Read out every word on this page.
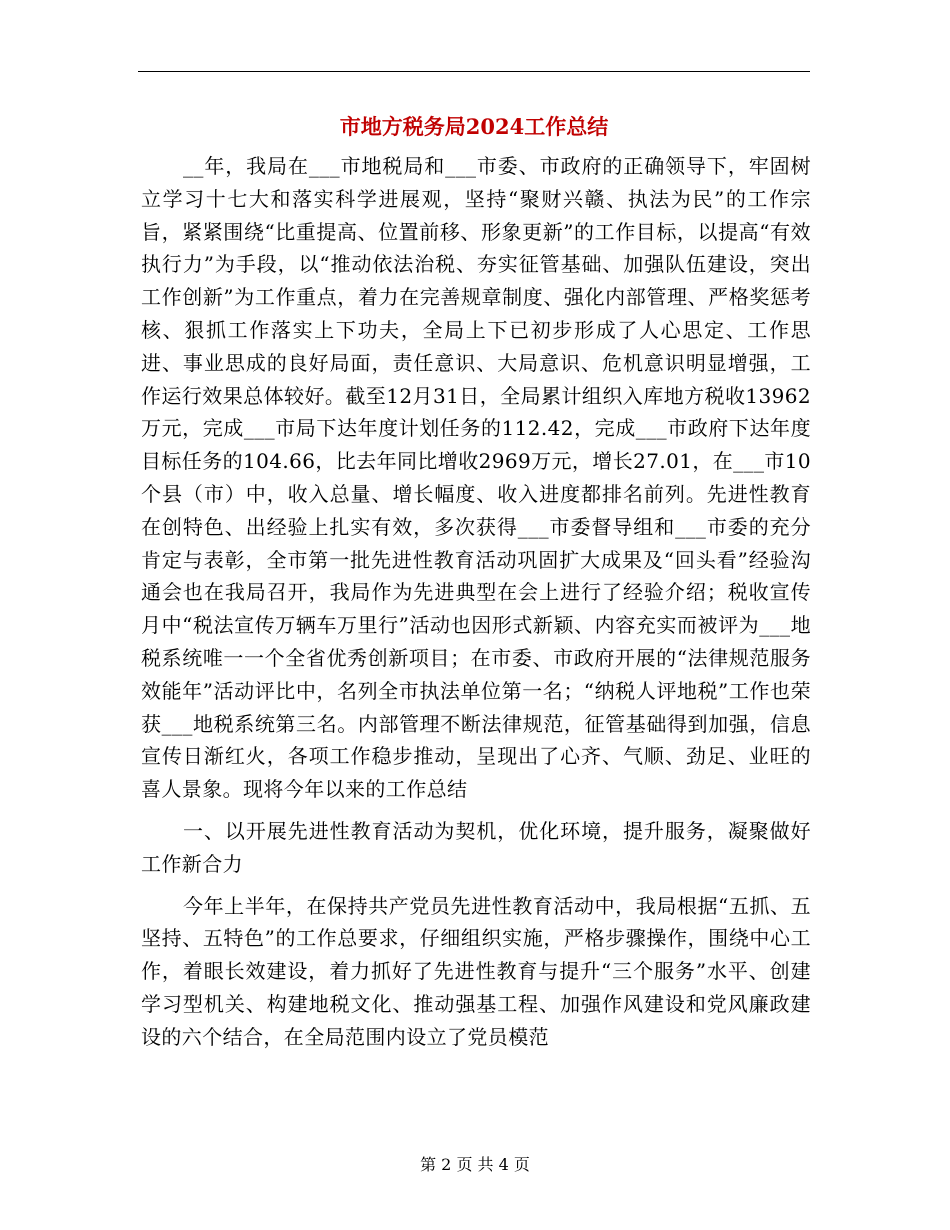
市地方税务局2024工作总结

__年，我局在___市地税局和___市委、市政府的正确领导下，牢固树立学习十七大和落实科学进展观，坚持“聚财兴赣、执法为民”的工作宗旨，紧紧围绕“比重提高、位置前移、形象更新”的工作目标，以提高“有效执行力”为手段，以“推动依法治税、夯实征管基础、加强队伍建设，突出工作创新”为工作重点，着力在完善规章制度、强化内部管理、严格奖惩考核、狠抓工作落实上下功夫，全局上下已初步形成了人心思定、工作思进、事业思成的良好局面，责任意识、大局意识、危机意识明显增强，工作运行效果总体较好。截至12月31日，全局累计组织入库地方税收13962万元，完成___市局下达年度计划任务的112.42，完成___市政府下达年度目标任务的104.66，比去年同比增收2969万元，增长27.01，在___市10个县（市）中，收入总量、增长幅度、收入进度都排名前列。先进性教育在创特色、出经验上扎实有效，多次获得___市委督导组和___市委的充分肯定与表彰，全市第一批先进性教育活动巩固扩大成果及“回头看”经验沟通会也在我局召开，我局作为先进典型在会上进行了经验介绍；税收宣传月中“税法宣传万辆车万里行”活动也因形式新颖、内容充实而被评为___地税系统唯一一个全省优秀创新项目；在市委、市政府开展的“法律规范服务效能年”活动评比中，名列全市执法单位第一名；“纳税人评地税”工作也荣获___地税系统第三名。内部管理不断法律规范，征管基础得到加强，信息宣传日渐红火，各项工作稳步推动，呈现出了心齐、气顺、劲足、业旺的喜人景象。现将今年以来的工作总结

一、以开展先进性教育活动为契机，优化环境，提升服务，凝聚做好工作新合力

今年上半年，在保持共产党员先进性教育活动中，我局根据“五抓、五坚持、五特色”的工作总要求，仔细组织实施，严格步骤操作，围绕中心工作，着眼长效建设，着力抓好了先进性教育与提升“三个服务”水平、创建学习型机关、构建地税文化、推动强基工程、加强作风建设和党风廉政建设的六个结合，在全局范围内设立了党员模范

第 2 页 共 4 页
